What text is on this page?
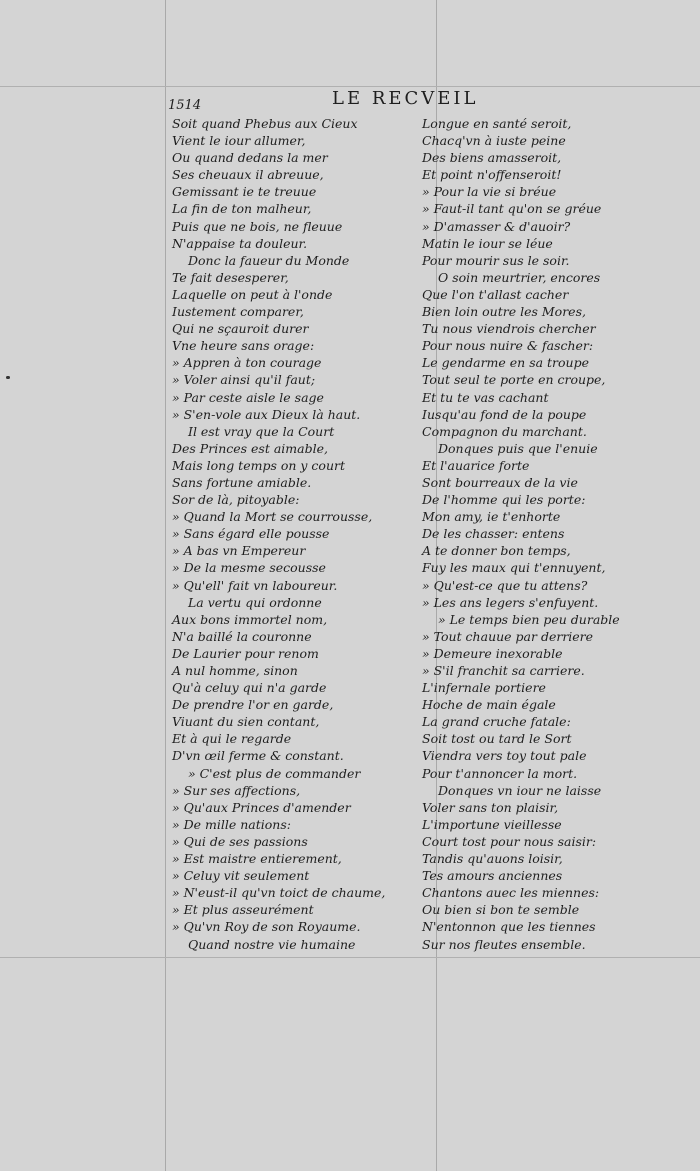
1514	LE RECVEIL
Soit quand Phebus aux Cieux
Vient le iour allumer,
Ou quand dedans la mer
Ses cheuaux il abreuue,
Gemissant ie te treuue
La fin de ton malheur,
Puis que ne bois, ne fleuue
N'appaise ta douleur.
Donc la faueur du Monde
Te fait desesperer,
Laquelle on peut à l'onde
Iustement comparer,
Qui ne sçauroit durer
Vne heure sans orage:
» Appren à ton courage
» Voler ainsi qu'il faut;
» Par ceste aisle le sage
» S'en-vole aux Dieux là haut.
Il est vray que la Court
Des Princes est aimable,
Mais long temps on y court
Sans fortune amiable.
Sor de là, pitoyable:
» Quand la Mort se courrousse,
» Sans égard elle pousse
» A bas vn Empereur
» De la mesme secousse
» Qu'ell' fait vn laboureur.
La vertu qui ordonne
Aux bons immortel nom,
N'a baillé la couronne
De Laurier pour renom
A nul homme, sinon
Qu'à celuy qui n'a garde
De prendre l'or en garde,
Viuant du sien contant,
Et à qui le regarde
D'vn œil ferme & constant.
» C'est plus de commander
» Sur ses affections,
» Qu'aux Princes d'amender
» De mille nations:
» Qui de ses passions
» Est maistre entierement,
» Celuy vit seulement
» N'eust-il qu'vn toict de chaume,
» Et plus asseurément
» Qu'vn Roy de son Royaume.
Quand nostre vie humaine
Longue en santé seroit,
Chacq'vn à iuste peine
Des biens amasseroit,
Et point n'offenseroit!
» Pour la vie si bréue
» Faut-il tant qu'on se gréue
» D'amasser & d'auoir?
Matin le iour se léue
Pour mourir sus le soir.
O soin meurtrier, encores
Que l'on t'allast cacher
Bien loin outre les Mores,
Tu nous viendrois chercher
Pour nous nuire & fascher:
Le gendarme en sa troupe
Tout seul te porte en croupe,
Et tu te vas cachant
Iusqu'au fond de la poupe
Compagnon du marchant.
Donques puis que l'enuie
Et l'auarice forte
Sont bourreaux de la vie
De l'homme qui les porte:
Mon amy, ie t'enhorte
De les chasser: entens
A te donner bon temps,
Fuy les maux qui t'ennuyent,
» Qu'est-ce que tu attens?
» Les ans legers s'enfuyent.
» Le temps bien peu durable
» Tout chauue par derriere
» Demeure inexorable
» S'il franchit sa carriere.
L'infernale portiere
Hoche de main égale
La grand cruche fatale:
Soit tost ou tard le Sort
Viendra vers toy tout pale
Pour t'annoncer la mort.
Donques vn iour ne laisse
Voler sans ton plaisir,
L'importune vieillesse
Court tost pour nous saisir:
Tandis qu'auons loisir,
Tes amours anciennes
Chantons auec les miennes:
Ou bien si bon te semble
N'entonnon que les tiennes
Sur nos fleutes ensemble.
